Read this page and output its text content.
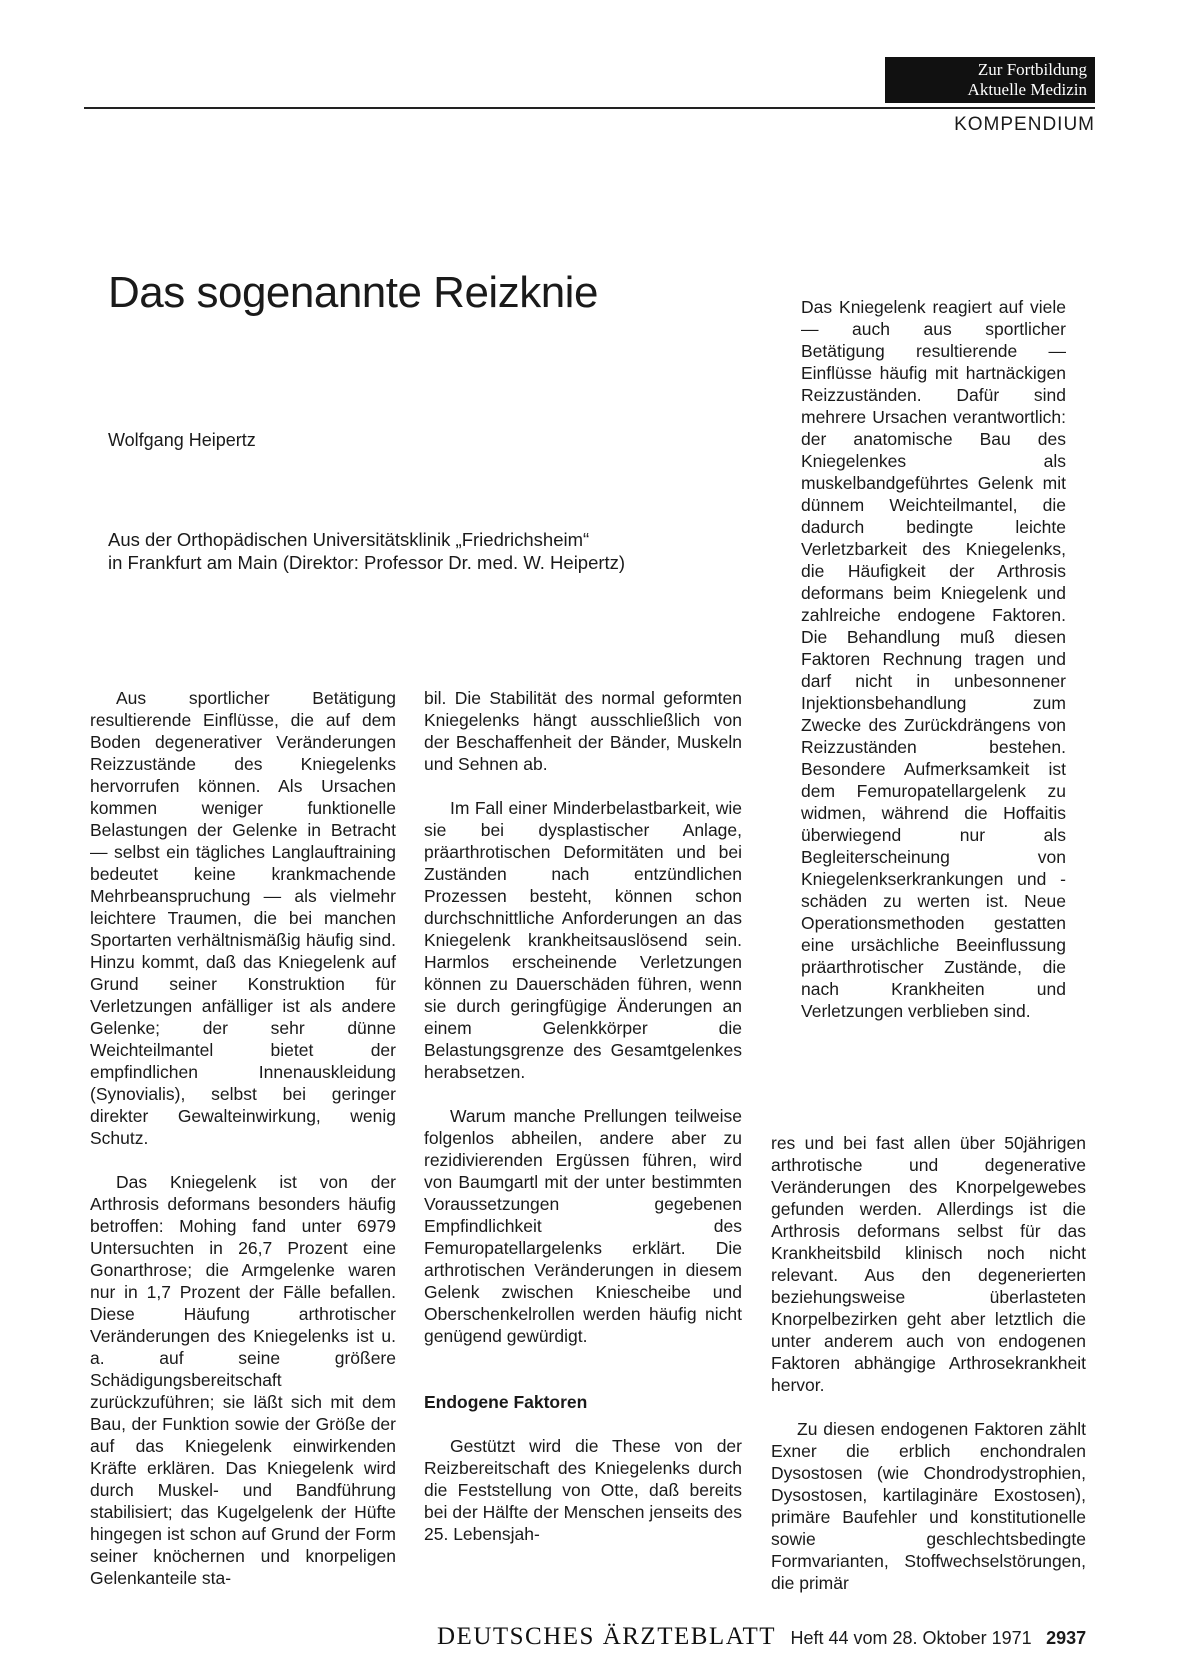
Zur Fortbildung
Aktuelle Medizin
KOMPENDIUM
Das sogenannte Reizknie
Wolfgang Heipertz
Aus der Orthopädischen Universitätsklinik „Friedrichsheim“
in Frankfurt am Main (Direktor: Professor Dr. med. W. Heipertz)
Das Kniegelenk reagiert auf viele — auch aus sportlicher Betätigung resultierende — Einflüsse häufig mit hartnäckigen Reizzuständen. Dafür sind mehrere Ursachen verantwortlich: der anatomische Bau des Kniegelenkes als muskelbandgeführtes Gelenk mit dünnem Weichteilmantel, die dadurch bedingte leichte Verletzbarkeit des Kniegelenks, die Häufigkeit der Arthrosis deformans beim Kniegelenk und zahlreiche endogene Faktoren. Die Behandlung muß diesen Faktoren Rechnung tragen und darf nicht in unbesonnener Injektionsbehandlung zum Zwecke des Zurückdrängens von Reizzuständen bestehen. Besondere Aufmerksamkeit ist dem Femuropatellargelenk zu widmen, während die Hoffaitis überwiegend nur als Begleiterscheinung von Kniegelenkserkrankungen und -schäden zu werten ist. Neue Operationsmethoden gestatten eine ursächliche Beeinflussung präarthrotischer Zustände, die nach Krankheiten und Verletzungen verblieben sind.

Aus sportlicher Betätigung resultierende Einflüsse, die auf dem Boden degenerativer Veränderungen Reizzustände des Kniegelenks hervorrufen können. Als Ursachen kommen weniger funktionelle Belastungen der Gelenke in Betracht — selbst ein tägliches Langlauftraining bedeutet keine krankmachende Mehrbeanspruchung — als vielmehr leichtere Traumen, die bei manchen Sportarten verhältnismäßig häufig sind. Hinzu kommt, daß das Kniegelenk auf Grund seiner Konstruktion für Verletzungen anfälliger ist als andere Gelenke; der sehr dünne Weichteilmantel bietet der empfindlichen Innenauskleidung (Synovialis), selbst bei geringer direkter Gewalteinwirkung, wenig Schutz.

Das Kniegelenk ist von der Arthrosis deformans besonders häufig betroffen: Mohing fand unter 6979 Untersuchten in 26,7 Prozent eine Gonarthrose; die Armgelenke waren nur in 1,7 Prozent der Fälle befallen. Diese Häufung arthrotischer Veränderungen des Kniegelenks ist u. a. auf seine größere Schädigungsbereitschaft zurückzuführen; sie läßt sich mit dem Bau, der Funktion sowie der Größe der auf das Kniegelenk einwirkenden Kräfte erklären. Das Kniegelenk wird durch Muskel- und Bandführung stabilisiert; das Kugelgelenk der Hüfte hingegen ist schon auf Grund der Form seiner knöchernen und knorpeligen Gelenkanteile sta-

bil. Die Stabilität des normal geformten Kniegelenks hängt ausschließlich von der Beschaffenheit der Bänder, Muskeln und Sehnen ab.

Im Fall einer Minderbelastbarkeit, wie sie bei dysplastischer Anlage, präarthrotischen Deformitäten und bei Zuständen nach entzündlichen Prozessen besteht, können schon durchschnittliche Anforderungen an das Kniegelenk krankheitsauslösend sein. Harmlos erscheinende Verletzungen können zu Dauerschäden führen, wenn sie durch geringfügige Änderungen an einem Gelenkkörper die Belastungsgrenze des Gesamtgelenkes herabsetzen.

Warum manche Prellungen teilweise folgenlos abheilen, andere aber zu rezidivierenden Ergüssen führen, wird von Baumgartl mit der unter bestimmten Voraussetzungen gegebenen Empfindlichkeit des Femuropatellargelenks erklärt. Die arthrotischen Veränderungen in diesem Gelenk zwischen Kniescheibe und Oberschenkelrollen werden häufig nicht genügend gewürdigt.

Endogene Faktoren

Gestützt wird die These von der Reizbereitschaft des Kniegelenks durch die Feststellung von Otte, daß bereits bei der Hälfte der Menschen jenseits des 25. Lebensjah-

res und bei fast allen über 50jährigen arthrotische und degenerative Veränderungen des Knorpelgewebes gefunden werden. Allerdings ist die Arthrosis deformans selbst für das Krankheitsbild klinisch noch nicht relevant. Aus den degenerierten beziehungsweise überlasteten Knorpelbezirken geht aber letztlich die unter anderem auch von endogenen Faktoren abhängige Arthrosekrankheit hervor.

Zu diesen endogenen Faktoren zählt Exner die erblich enchondralen Dysostosen (wie Chondrodystrophien, Dysostosen, kartilaginäre Exostosen), primäre Baufehler und konstitutionelle sowie geschlechtsbedingte Formvarianten, Stoffwechselstörungen, die primär

DEUTSCHES ÄRZTEBLATT Heft 44 vom 28. Oktober 1971 2937
